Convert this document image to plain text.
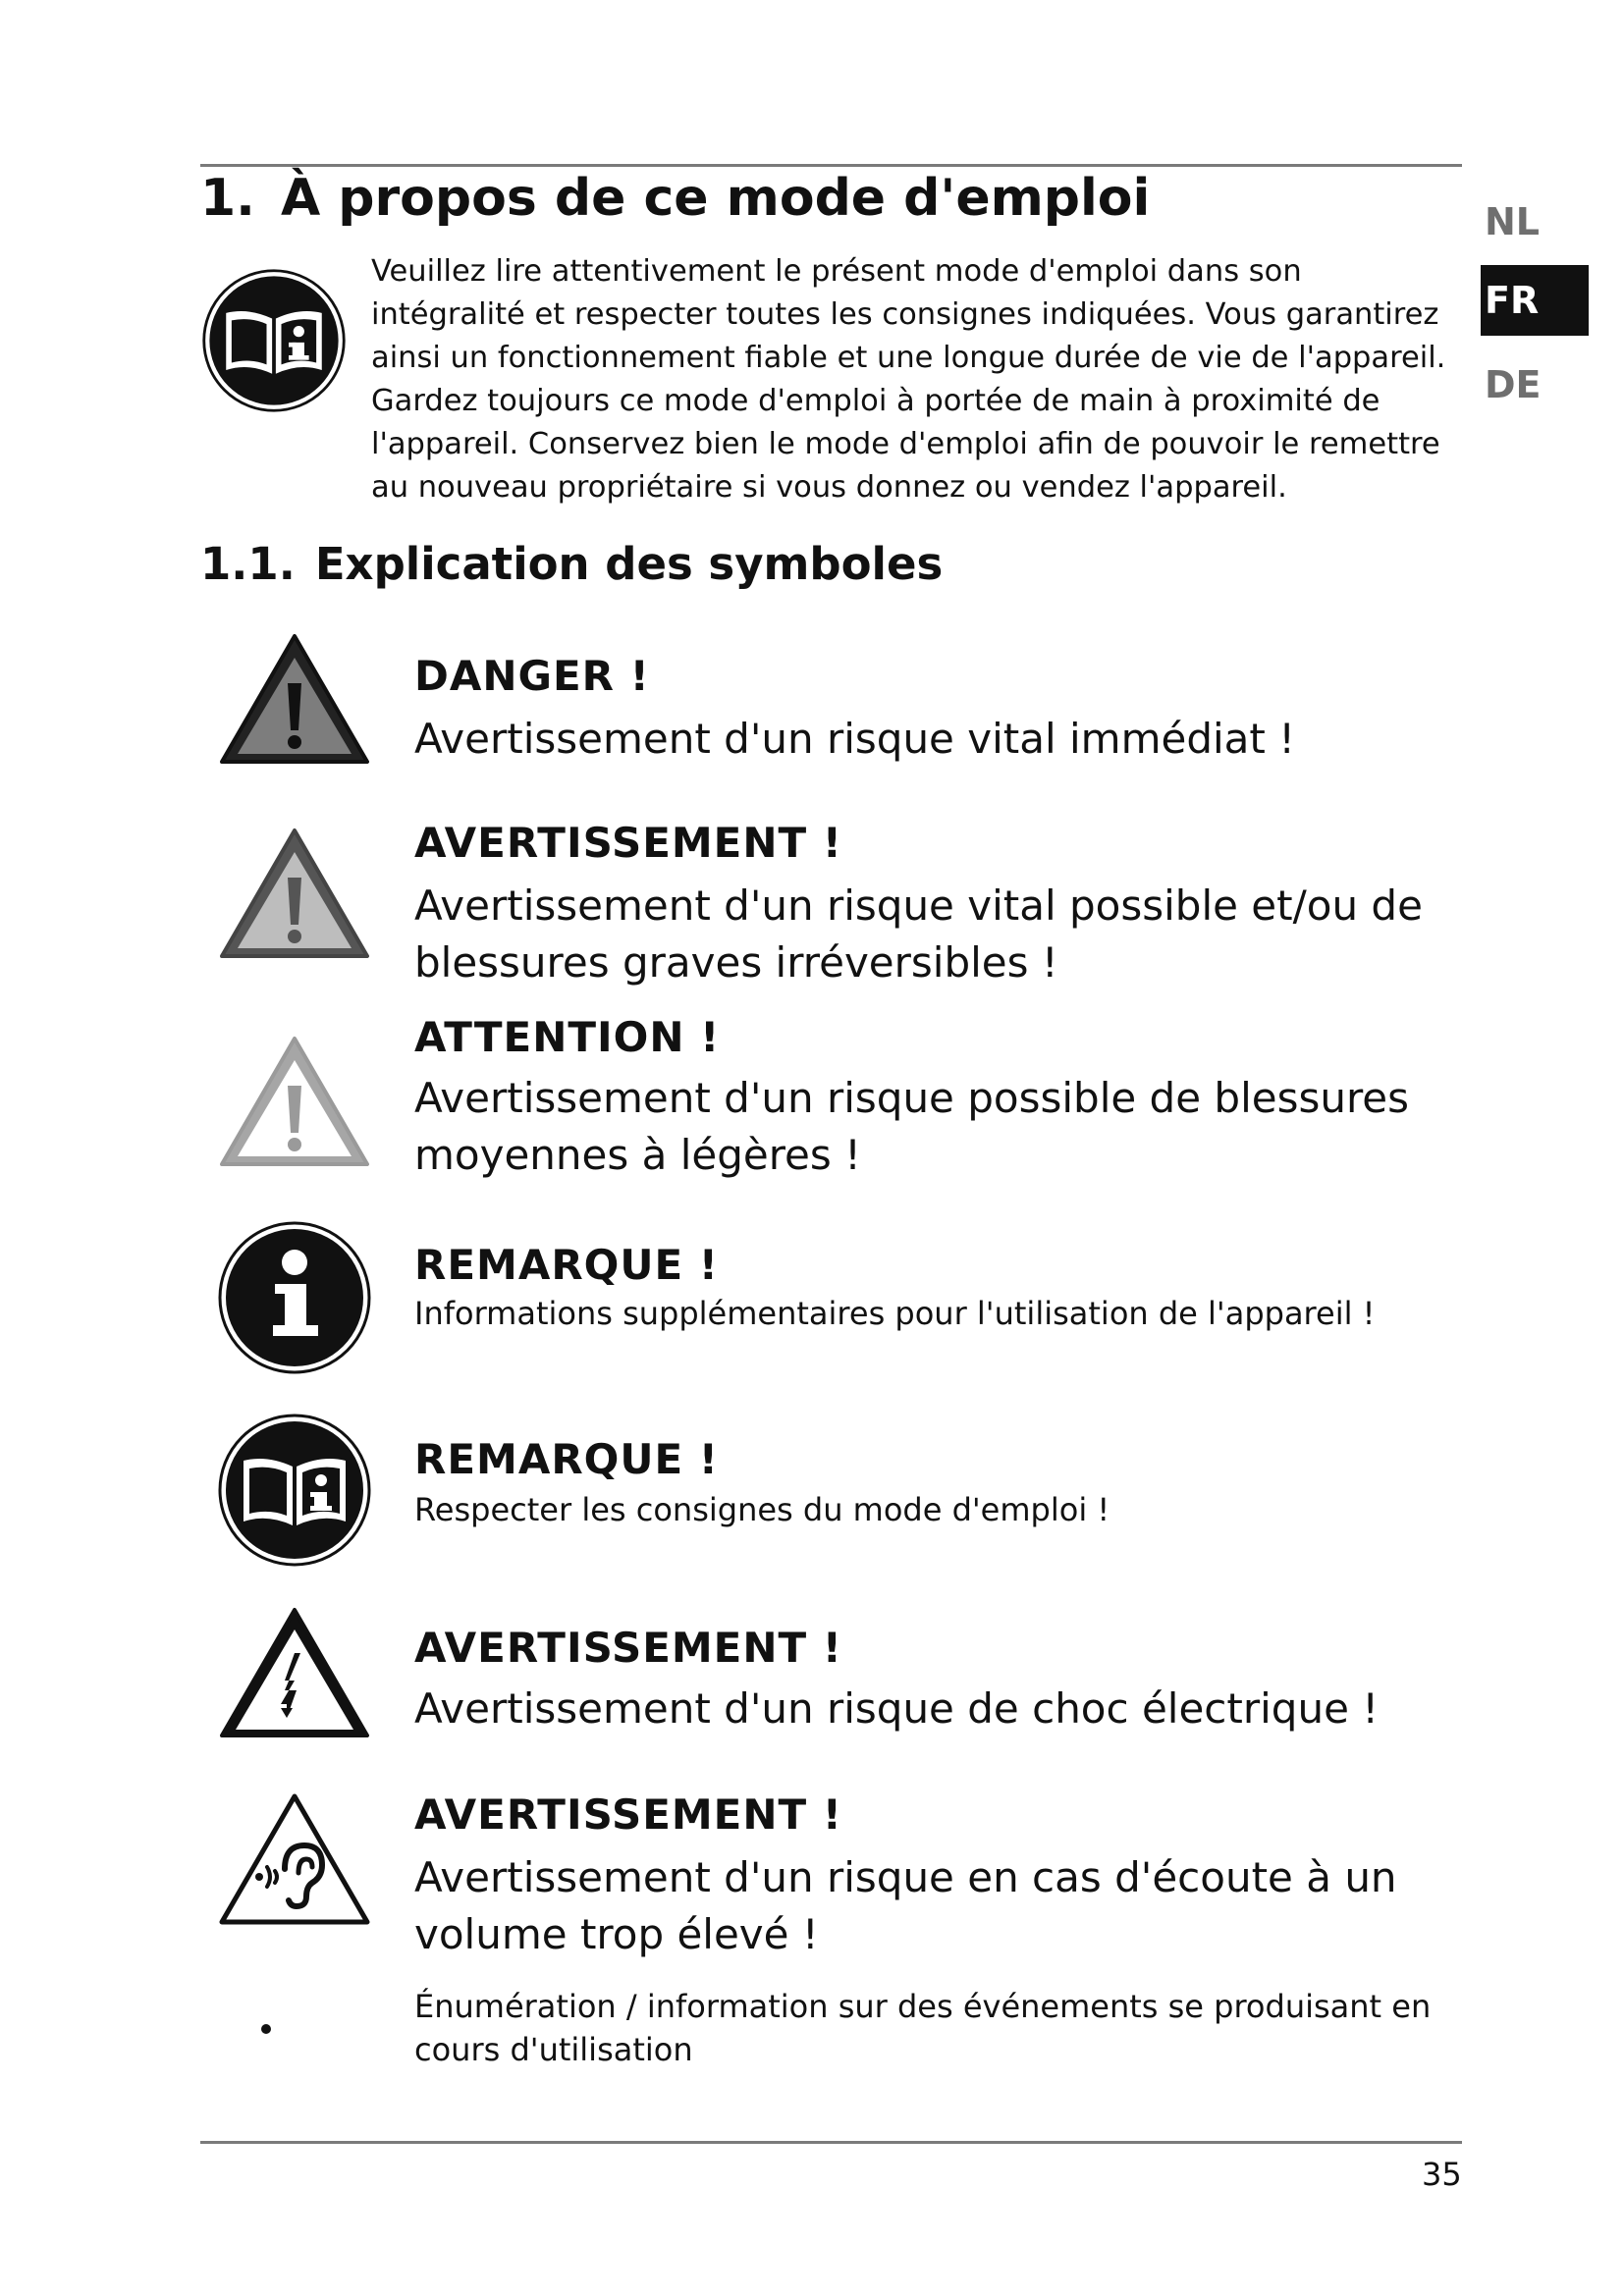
1. À propos de ce mode d'emploi	NL
FR
DE

Veuillez lire attentivement le présent mode d'emploi dans son intégralité et respecter toutes les consignes indiquées. Vous garantirez ainsi un fonctionnement fiable et une longue durée de vie de l'appareil. Gardez toujours ce mode d'emploi à portée de main à proximité de l'appareil. Conservez bien le mode d'emploi afin de pouvoir le remettre au nouveau propriétaire si vous donnez ou vendez l'appareil.

1.1. Explication des symboles
DANGER !

Avertissement d'un risque vital immédiat !

AVERTISSEMENT !

Avertissement d'un risque vital possible et/ou de blessures graves irréversibles !

ATTENTION !

Avertissement d'un risque possible de blessures moyennes à légères !

REMARQUE !

Informations supplémentaires pour l'utilisation de l'appareil !

REMARQUE !

Respecter les consignes du mode d'emploi !

AVERTISSEMENT !

Avertissement d'un risque de choc électrique !

AVERTISSEMENT !

Avertissement d'un risque en cas d'écoute à un volume trop élevé !

Énumération / information sur des événements se produisant en cours d'utilisation

35
